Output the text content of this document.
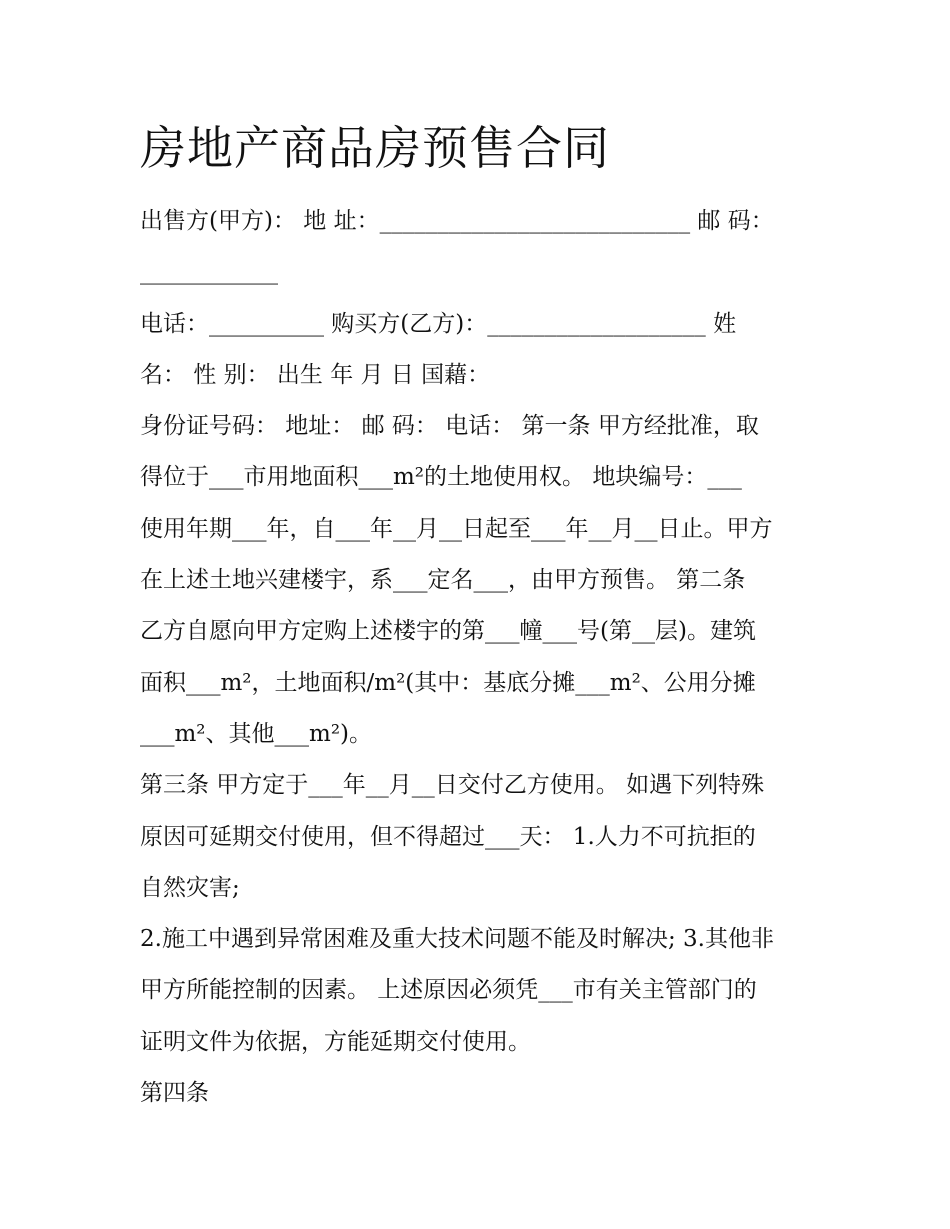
房地产商品房预售合同
出售方(甲方)： 地 址：___________________________ 邮 码：
____________
电话：__________ 购买方(乙方)：___________________ 姓
名： 性 别： 出生 年 月 日 国藉：
身份证号码： 地址： 邮 码： 电话： 第一条 甲方经批准，取
得位于___市用地面积___m²的土地使用权。 地块编号：___
使用年期___年，自___年__月__日起至___年__月__日止。甲方
在上述土地兴建楼宇，系___定名___，由甲方预售。 第二条
乙方自愿向甲方定购上述楼宇的第___幢___号(第__层)。建筑
面积___m²，土地面积/m²(其中：基底分摊___m²、公用分摊
___m²、其他___m²)。
第三条 甲方定于___年__月__日交付乙方使用。 如遇下列特殊
原因可延期交付使用，但不得超过___天： 1.人力不可抗拒的
自然灾害;
2.施工中遇到异常困难及重大技术问题不能及时解决; 3.其他非
甲方所能控制的因素。 上述原因必须凭___市有关主管部门的
证明文件为依据，方能延期交付使用。
第四条
